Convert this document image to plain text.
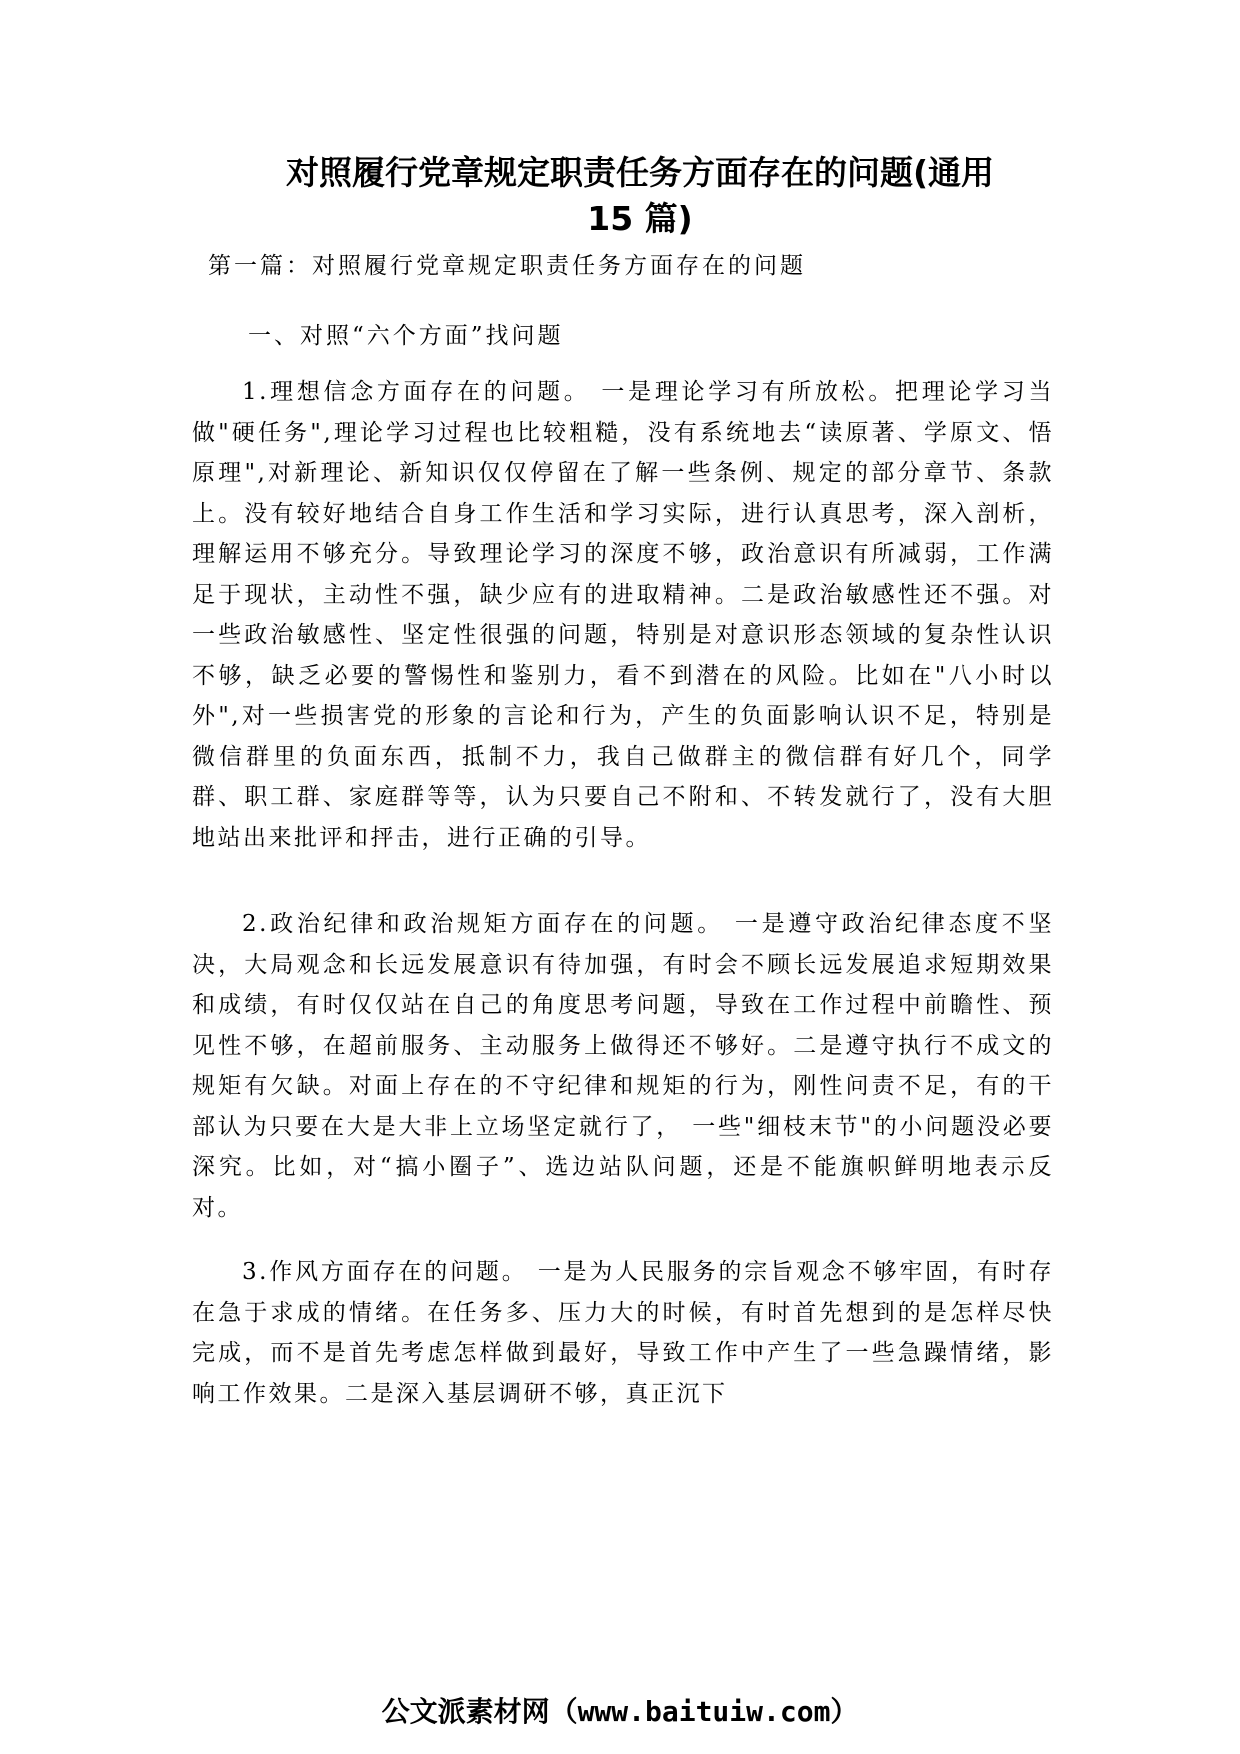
对照履行党章规定职责任务方面存在的问题(通用
15 篇)
第一篇：对照履行党章规定职责任务方面存在的问题
一、对照“六个方面”找问题

1.理想信念方面存在的问题。 一是理论学习有所放松。把理论学习当做"硬任务",理论学习过程也比较粗糙，没有系统地去“读原著、学原文、悟原理",对新理论、新知识仅仅停留在了解一些条例、规定的部分章节、条款上。没有较好地结合自身工作生活和学习实际，进行认真思考，深入剖析，理解运用不够充分。导致理论学习的深度不够，政治意识有所减弱，工作满足于现状，主动性不强，缺少应有的进取精神。二是政治敏感性还不强。对一些政治敏感性、坚定性很强的问题，特别是对意识形态领域的复杂性认识不够，缺乏必要的警惕性和鉴别力，看不到潜在的风险。比如在"八小时以外",对一些损害党的形象的言论和行为，产生的负面影响认识不足，特别是微信群里的负面东西，抵制不力，我自己做群主的微信群有好几个，同学群、职工群、家庭群等等，认为只要自己不附和、不转发就行了，没有大胆地站出来批评和抨击，进行正确的引导。

2.政治纪律和政治规矩方面存在的问题。 一是遵守政治纪律态度不坚决，大局观念和长远发展意识有待加强，有时会不顾长远发展追求短期效果和成绩，有时仅仅站在自己的角度思考问题，导致在工作过程中前瞻性、预见性不够，在超前服务、主动服务上做得还不够好。二是遵守执行不成文的规矩有欠缺。对面上存在的不守纪律和规矩的行为，刚性问责不足，有的干部认为只要在大是大非上立场坚定就行了， 一些"细枝末节"的小问题没必要深究。比如，对“搞小圈子”、选边站队问题，还是不能旗帜鲜明地表示反对。

3.作风方面存在的问题。 一是为人民服务的宗旨观念不够牢固，有时存在急于求成的情绪。在任务多、压力大的时候，有时首先想到的是怎样尽快完成，而不是首先考虑怎样做到最好，导致工作中产生了一些急躁情绪，影响工作效果。二是深入基层调研不够，真正沉下

公文派素材网（www.baituiw.com）
